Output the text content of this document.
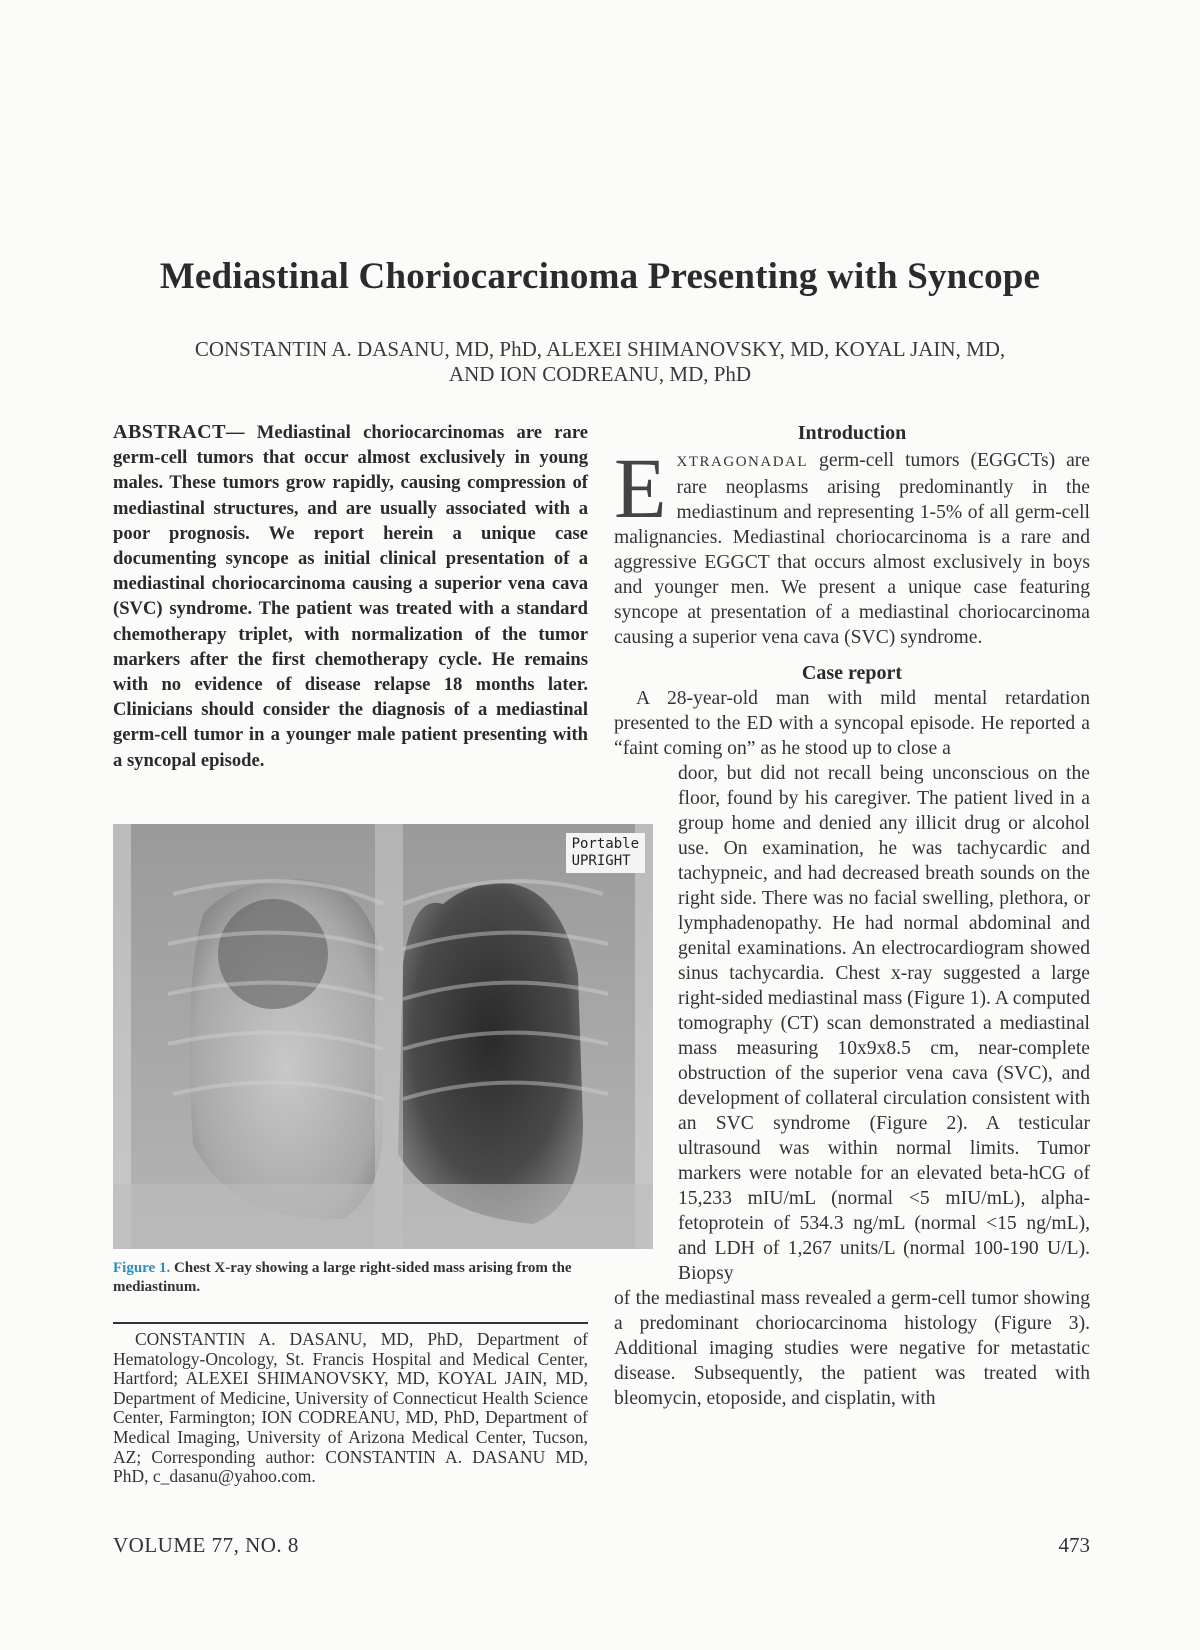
Mediastinal Choriocarcinoma Presenting with Syncope
CONSTANTIN A. DASANU, MD, PhD, ALEXEI SHIMANOVSKY, MD, KOYAL JAIN, MD,
AND ION CODREANU, MD, PhD

ABSTRACT— Mediastinal choriocarcinomas are rare germ-cell tumors that occur almost exclusively in young males. These tumors grow rapidly, causing compression of mediastinal structures, and are usually associated with a poor prognosis. We report herein a unique case documenting syncope as initial clinical presentation of a mediastinal choriocarcinoma causing a superior vena cava (SVC) syndrome. The patient was treated with a standard chemotherapy triplet, with normalization of the tumor markers after the first chemotherapy cycle. He remains with no evidence of disease relapse 18 months later. Clinicians should consider the diagnosis of a mediastinal germ-cell tumor in a younger male patient presenting with a syncopal episode.

Portable
UPRIGHT

Figure 1. Chest X-ray showing a large right-sided mass arising from the mediastinum.

CONSTANTIN A. DASANU, MD, PhD, Department of Hematology-Oncology, St. Francis Hospital and Medical Center, Hartford; ALEXEI SHIMANOVSKY, MD, KOYAL JAIN, MD, Department of Medicine, University of Connecticut Health Science Center, Farmington; ION CODREANU, MD, PhD, Department of Medical Imaging, University of Arizona Medical Center, Tucson, AZ; Corresponding author: CONSTANTIN A. DASANU MD, PhD, c_dasanu@yahoo.com.

Introduction

EXTRAGONADAL germ-cell tumors (EGGCTs) are rare neoplasms arising predominantly in the mediastinum and representing 1-5% of all germ-cell malignancies. Mediastinal choriocarcinoma is a rare and aggressive EGGCT that occurs almost exclusively in boys and younger men. We present a unique case featuring syncope at presentation of a mediastinal choriocarcinoma causing a superior vena cava (SVC) syndrome.

Case report

A 28-year-old man with mild mental retardation presented to the ED with a syncopal episode. He reported a “faint coming on” as he stood up to close a

door, but did not recall being unconscious on the floor, found by his caregiver. The patient lived in a group home and denied any illicit drug or alcohol use. On examination, he was tachycardic and tachypneic, and had decreased breath sounds on the right side. There was no facial swelling, plethora, or lymphadenopathy. He had normal abdominal and genital examinations. An electrocardiogram showed sinus tachycardia. Chest x-ray suggested a large right-sided mediastinal mass (Figure 1). A computed tomography (CT) scan demonstrated a mediastinal mass measuring 10x9x8.5 cm, near-complete obstruction of the superior vena cava (SVC), and development of collateral circulation consistent with an SVC syndrome (Figure 2). A testicular ultrasound was within normal limits. Tumor markers were notable for an elevated beta-hCG of 15,233 mIU/mL (normal <5 mIU/mL), alpha-fetoprotein of 534.3 ng/mL (normal <15 ng/mL), and LDH of 1,267 units/L (normal 100-190 U/L). Biopsy

of the mediastinal mass revealed a germ-cell tumor showing a predominant choriocarcinoma histology (Figure 3). Additional imaging studies were negative for metastatic disease. Subsequently, the patient was treated with bleomycin, etoposide, and cisplatin, with

VOLUME 77, NO. 8	473
